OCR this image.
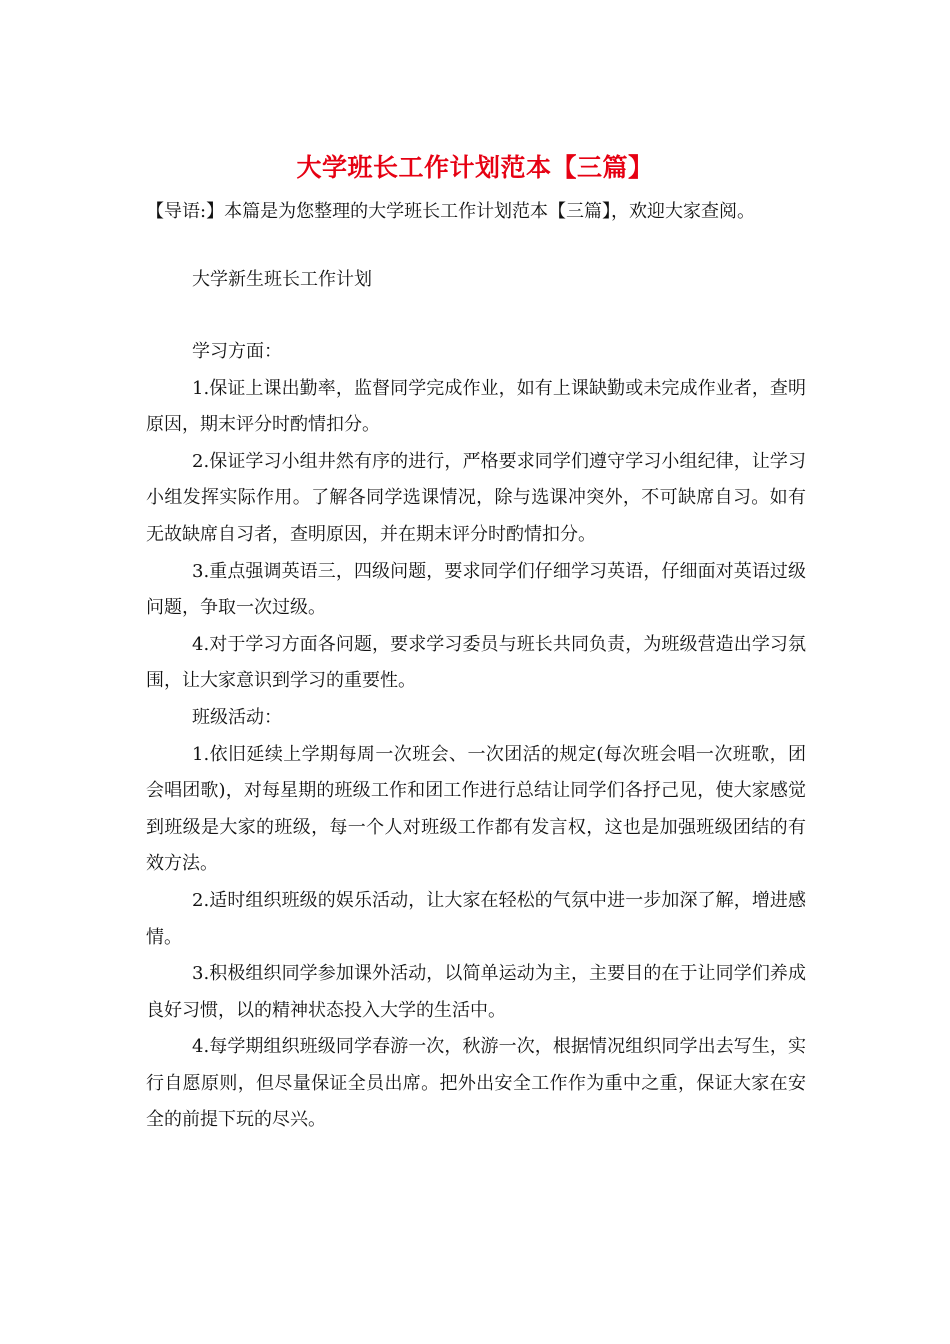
大学班长工作计划范本【三篇】
【导语:】本篇是为您整理的大学班长工作计划范本【三篇】，欢迎大家查阅。
大学新生班长工作计划

学习方面：

1.保证上课出勤率，监督同学完成作业，如有上课缺勤或未完成作业者，查明原因，期末评分时酌情扣分。

2.保证学习小组井然有序的进行，严格要求同学们遵守学习小组纪律，让学习小组发挥实际作用。了解各同学选课情况，除与选课冲突外，不可缺席自习。如有无故缺席自习者，查明原因，并在期末评分时酌情扣分。

3.重点强调英语三，四级问题，要求同学们仔细学习英语，仔细面对英语过级问题，争取一次过级。

4.对于学习方面各问题，要求学习委员与班长共同负责，为班级营造出学习氛围，让大家意识到学习的重要性。

班级活动：

1.依旧延续上学期每周一次班会、一次团活的规定(每次班会唱一次班歌，团会唱团歌)，对每星期的班级工作和团工作进行总结让同学们各抒己见，使大家感觉到班级是大家的班级，每一个人对班级工作都有发言权，这也是加强班级团结的有效方法。

2.适时组织班级的娱乐活动，让大家在轻松的气氛中进一步加深了解，增进感情。

3.积极组织同学参加课外活动，以简单运动为主，主要目的在于让同学们养成良好习惯，以的精神状态投入大学的生活中。

4.每学期组织班级同学春游一次，秋游一次，根据情况组织同学出去写生，实行自愿原则，但尽量保证全员出席。把外出安全工作作为重中之重，保证大家在安全的前提下玩的尽兴。
